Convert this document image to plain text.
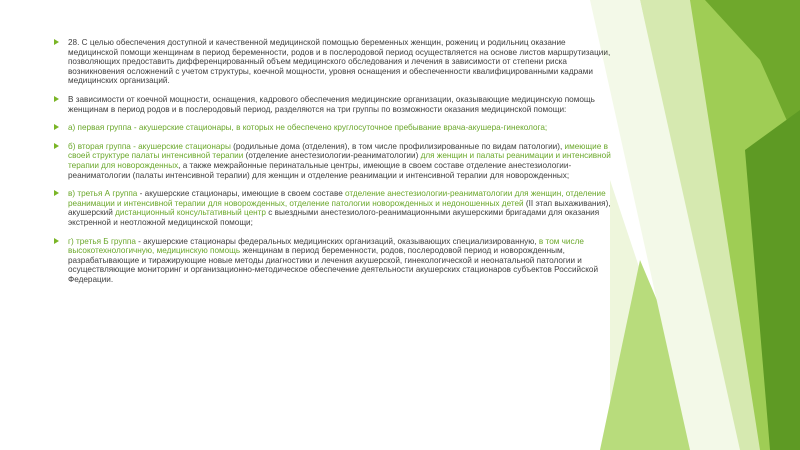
28. С целью обеспечения доступной и качественной медицинской помощью беременных женщин, рожениц и родильниц оказание медицинской помощи женщинам в период беременности, родов и в послеродовой период осуществляется на основе листов маршрутизации, позволяющих предоставить дифференцированный объем медицинского обследования и лечения в зависимости от степени риска возникновения осложнений с учетом структуры, коечной мощности, уровня оснащения и обеспеченности квалифицированными кадрами медицинских организаций.
В зависимости от коечной мощности, оснащения, кадрового обеспечения медицинские организации, оказывающие медицинскую помощь женщинам в период родов и в послеродовый период, разделяются на три группы по возможности оказания медицинской помощи:
а) первая группа - акушерские стационары, в которых не обеспечено круглосуточное пребывание врача-акушера-гинеколога;
б) вторая группа - акушерские стационары (родильные дома (отделения), в том числе профилизированные по видам патологии), имеющие в своей структуре палаты интенсивной терапии (отделение анестезиологии-реаниматологии) для женщин и палаты реанимации и интенсивной терапии для новорожденных, а также межрайонные перинатальные центры, имеющие в своем составе отделение анестезиологии-реаниматологии (палаты интенсивной терапии) для женщин и отделение реанимации и интенсивной терапии для новорожденных;
в) третья А группа - акушерские стационары, имеющие в своем составе отделение анестезиологии-реаниматологии для женщин, отделение реанимации и интенсивной терапии для новорожденных, отделение патологии новорожденных и недоношенных детей (II этап выхаживания), акушерский дистанционный консультативный центр с выездными анестезиолого-реанимационными акушерскими бригадами для оказания экстренной и неотложной медицинской помощи;
г) третья Б группа - акушерские стационары федеральных медицинских организаций, оказывающих специализированную, в том числе высокотехнологичную, медицинскую помощь женщинам в период беременности, родов, послеродовой период и новорожденным, разрабатывающие и тиражирующие новые методы диагностики и лечения акушерской, гинекологической и неонатальной патологии и осуществляющие мониторинг и организационно-методическое обеспечение деятельности акушерских стационаров субъектов Российской Федерации.
